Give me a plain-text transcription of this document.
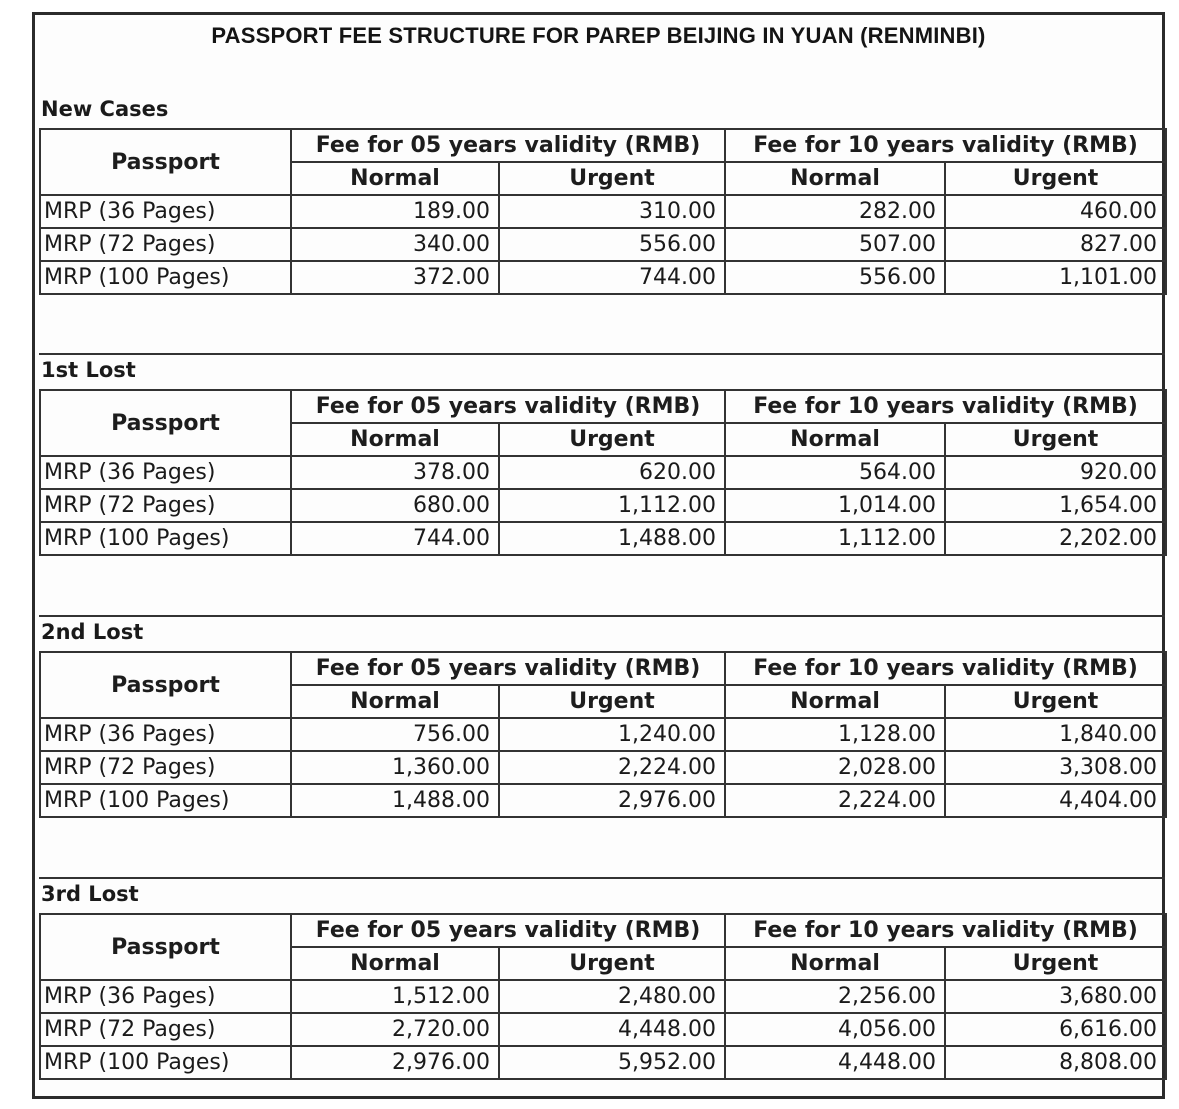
PASSPORT FEE STRUCTURE FOR PAREP BEIJING IN YUAN (RENMINBI)
New Cases
Passport	Fee for 05 years validity (RMB)		Fee for 10 years validity (RMB)	
	Normal	Urgent	Normal	Urgent
MRP (36 Pages)	189.00	310.00	282.00	460.00
MRP (72 Pages)	340.00	556.00	507.00	827.00
MRP (100 Pages)	372.00	744.00	556.00	1,101.00
1st Lost
Passport	Fee for 05 years validity (RMB)		Fee for 10 years validity (RMB)	
	Normal	Urgent	Normal	Urgent
MRP (36 Pages)	378.00	620.00	564.00	920.00
MRP (72 Pages)	680.00	1,112.00	1,014.00	1,654.00
MRP (100 Pages)	744.00	1,488.00	1,112.00	2,202.00
2nd Lost
Passport	Fee for 05 years validity (RMB)		Fee for 10 years validity (RMB)	
	Normal	Urgent	Normal	Urgent
MRP (36 Pages)	756.00	1,240.00	1,128.00	1,840.00
MRP (72 Pages)	1,360.00	2,224.00	2,028.00	3,308.00
MRP (100 Pages)	1,488.00	2,976.00	2,224.00	4,404.00
3rd Lost
Passport	Fee for 05 years validity (RMB)		Fee for 10 years validity (RMB)	
	Normal	Urgent	Normal	Urgent
MRP (36 Pages)	1,512.00	2,480.00	2,256.00	3,680.00
MRP (72 Pages)	2,720.00	4,448.00	4,056.00	6,616.00
MRP (100 Pages)	2,976.00	5,952.00	4,448.00	8,808.00
